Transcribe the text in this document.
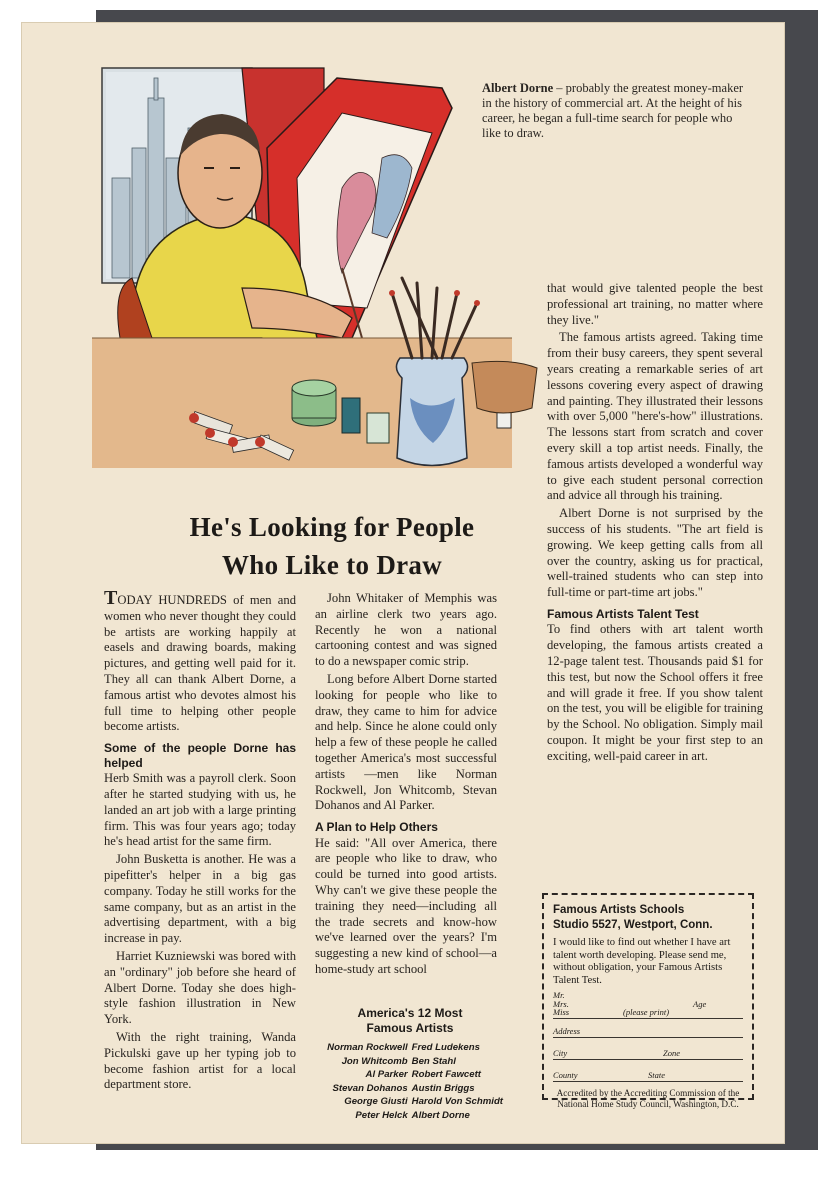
Albert Dorne – probably the greatest money-maker in the history of commercial art. At the height of his career, he began a full-time search for people who like to draw.
He's Looking for People
Who Like to Draw

TODAY HUNDREDS of men and women who never thought they could be artists are working happily at easels and drawing boards, making pictures, and getting well paid for it. They all can thank Albert Dorne, a famous artist who devotes almost his full time to helping other people become artists.

Some of the people Dorne has helped

Herb Smith was a payroll clerk. Soon after he started studying with us, he landed an art job with a large printing firm. This was four years ago; today he's head artist for the same firm.

John Busketta is another. He was a pipefitter's helper in a big gas company. Today he still works for the same company, but as an artist in the advertising department, with a big increase in pay.

Harriet Kuzniewski was bored with an "ordinary" job before she heard of Albert Dorne. Today she does high-style fashion illustration in New York.

With the right training, Wanda Pickulski gave up her typing job to become fashion artist for a local department store.

John Whitaker of Memphis was an airline clerk two years ago. Recently he won a national cartooning contest and was signed to do a newspaper comic strip.

Long before Albert Dorne started looking for people who like to draw, they came to him for advice and help. Since he alone could only help a few of these people he called together America's most successful artists —men like Norman Rockwell, Jon Whitcomb, Stevan Dohanos and Al Parker.

A Plan to Help Others

He said: "All over America, there are people who like to draw, who could be turned into good artists. Why can't we give these people the training they need—including all the trade secrets and know-how we've learned over the years? I'm suggesting a new kind of school—a home-study art school

America's 12 Most
Famous Artists
Norman Rockwell	Fred Ludekens
Jon Whitcomb	Ben Stahl
Al Parker	Robert Fawcett
Stevan Dohanos	Austin Briggs
George Giusti	Harold Von Schmidt
Peter Helck	Albert Dorne

that would give talented people the best professional art training, no matter where they live."

The famous artists agreed. Taking time from their busy careers, they spent several years creating a remarkable series of art lessons covering every aspect of drawing and painting. They illustrated their lessons with over 5,000 "here's-how" illustrations. The lessons start from scratch and cover every skill a top artist needs. Finally, the famous artists developed a wonderful way to give each student personal correction and advice all through his training.

Albert Dorne is not surprised by the success of his students. "The art field is growing. We keep getting calls from all over the country, asking us for practical, well-trained students who can step into full-time or part-time art jobs."

Famous Artists Talent Test

To find others with art talent worth developing, the famous artists created a 12-page talent test. Thousands paid $1 for this test, but now the School offers it free and will grade it free. If you show talent on the test, you will be eligible for training by the School. No obligation. Simply mail coupon. It might be your first step to an exciting, well-paid career in art.

Famous Artists Schools
Studio 5527, Westport, Conn.
I would like to find out whether I have art talent worth developing. Please send me, without obligation, your Famous Artists Talent Test.
Mr.
Mrs.
Miss	(please print)
Age
Address
City	Zone
County	State
Accredited by the Accrediting Commission of the National Home Study Council, Washington, D.C.
